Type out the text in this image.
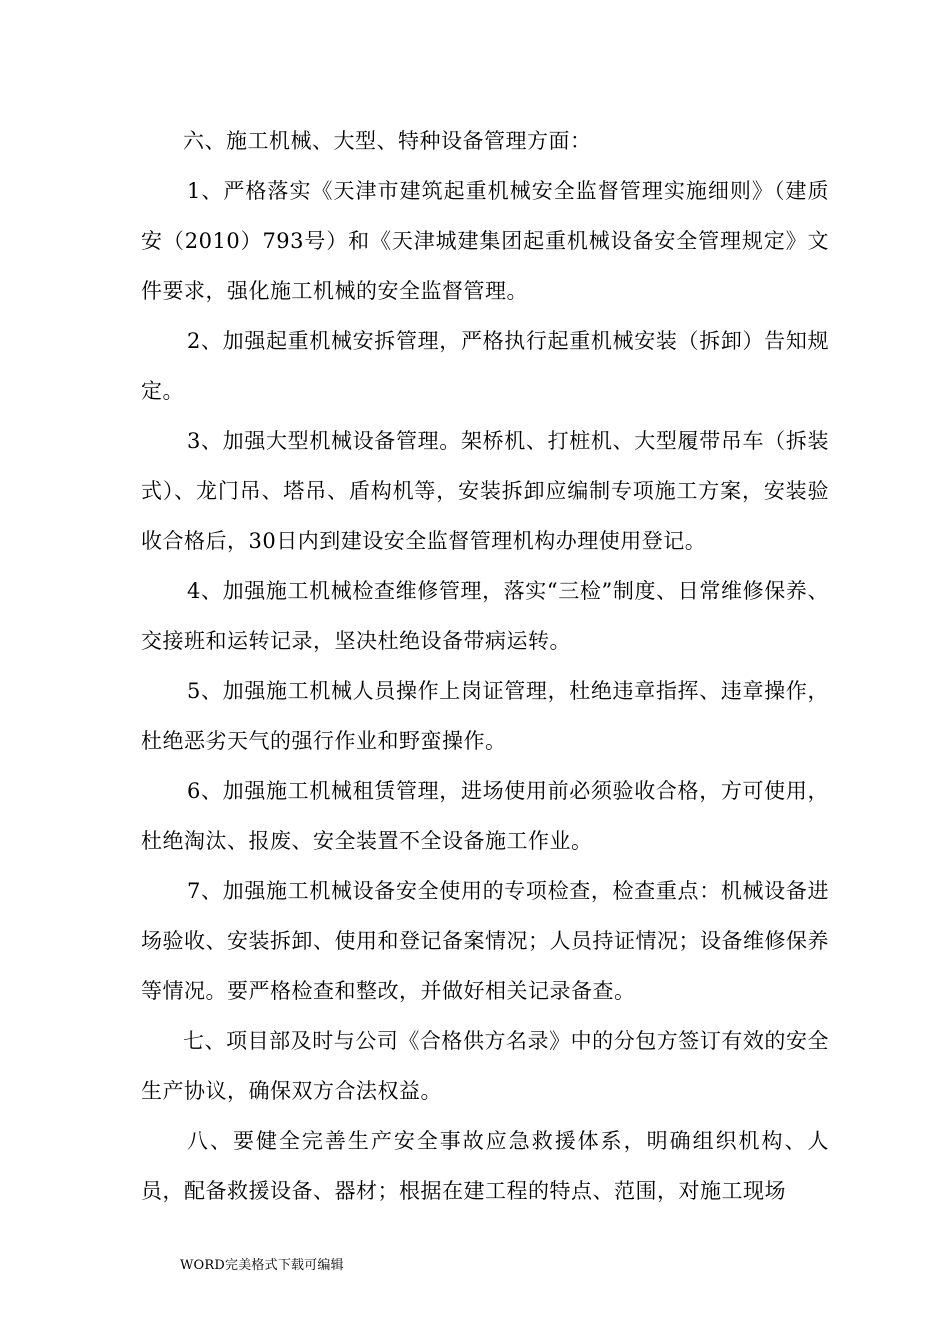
六、施工机械、大型、特种设备管理方面：

1、严格落实《天津市建筑起重机械安全监督管理实施细则》（建质安（2010）793号）和《天津城建集团起重机械设备安全管理规定》文件要求，强化施工机械的安全监督管理。

2、加强起重机械安拆管理，严格执行起重机械安装（拆卸）告知规定。

3、加强大型机械设备管理。架桥机、打桩机、大型履带吊车（拆装式）、龙门吊、塔吊、盾构机等，安装拆卸应编制专项施工方案，安装验收合格后，30日内到建设安全监督管理机构办理使用登记。

4、加强施工机械检查维修管理，落实“三检”制度、日常维修保养、交接班和运转记录，坚决杜绝设备带病运转。

5、加强施工机械人员操作上岗证管理，杜绝违章指挥、违章操作，杜绝恶劣天气的强行作业和野蛮操作。

6、加强施工机械租赁管理，进场使用前必须验收合格，方可使用，杜绝淘汰、报废、安全装置不全设备施工作业。

7、加强施工机械设备安全使用的专项检查，检查重点：机械设备进场验收、安装拆卸、使用和登记备案情况；人员持证情况；设备维修保养等情况。要严格检查和整改，并做好相关记录备查。

七、项目部及时与公司《合格供方名录》中的分包方签订有效的安全生产协议，确保双方合法权益。

八、要健全完善生产安全事故应急救援体系，明确组织机构、人员，配备救援设备、器材；根据在建工程的特点、范围，对施工现场

WORD完美格式下载可编辑
